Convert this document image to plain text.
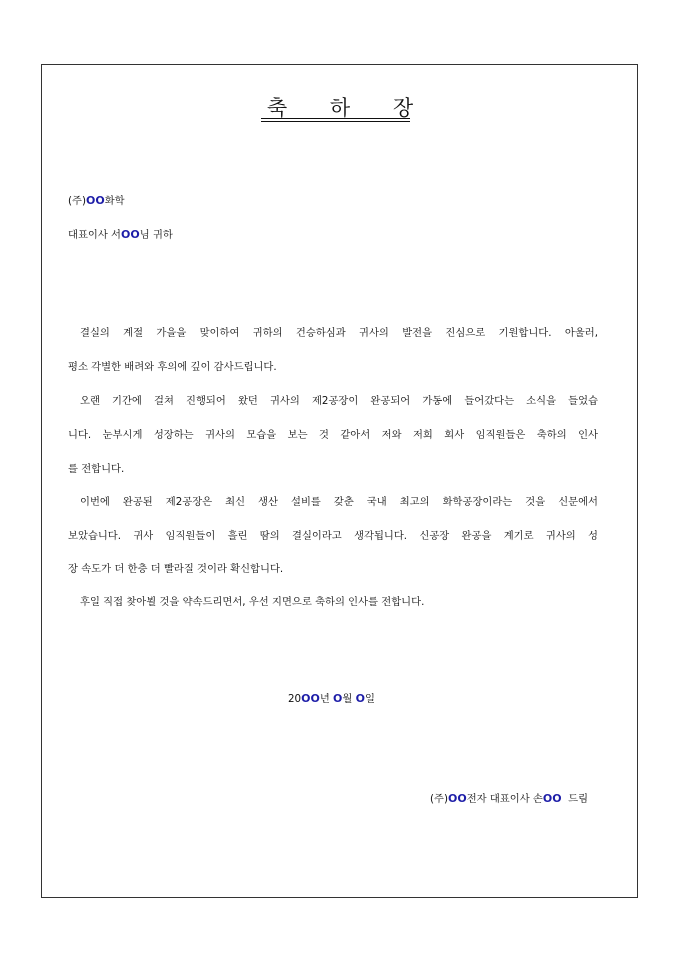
축 하 장
(주)OO화학
대표이사 서OO님 귀하
결실의 계절 가을을 맞이하여 귀하의 건승하심과 귀사의 발전을 진심으로 기원합니다. 아울러,
평소 각별한 배려와 후의에 깊이 감사드립니다.
오랜 기간에 걸쳐 진행되어 왔던 귀사의 제2공장이 완공되어 가동에 들어갔다는 소식을 들었습
니다. 눈부시게 성장하는 귀사의 모습을 보는 것 같아서 저와 저희 회사 임직원들은 축하의 인사
를 전합니다.
이번에 완공된 제2공장은 최신 생산 설비를 갖춘 국내 최고의 화학공장이라는 것을 신문에서
보았습니다. 귀사 임직원들이 흘린 땀의 결실이라고 생각됩니다. 신공장 완공을 계기로 귀사의 성
장 속도가 더 한층 더 빨라질 것이라 확신합니다.
후일 직접 찾아뵐 것을 약속드리면서, 우선 지면으로 축하의 인사를 전합니다.
20OO년 O월 O일
(주)OO전자 대표이사 손OO  드림
